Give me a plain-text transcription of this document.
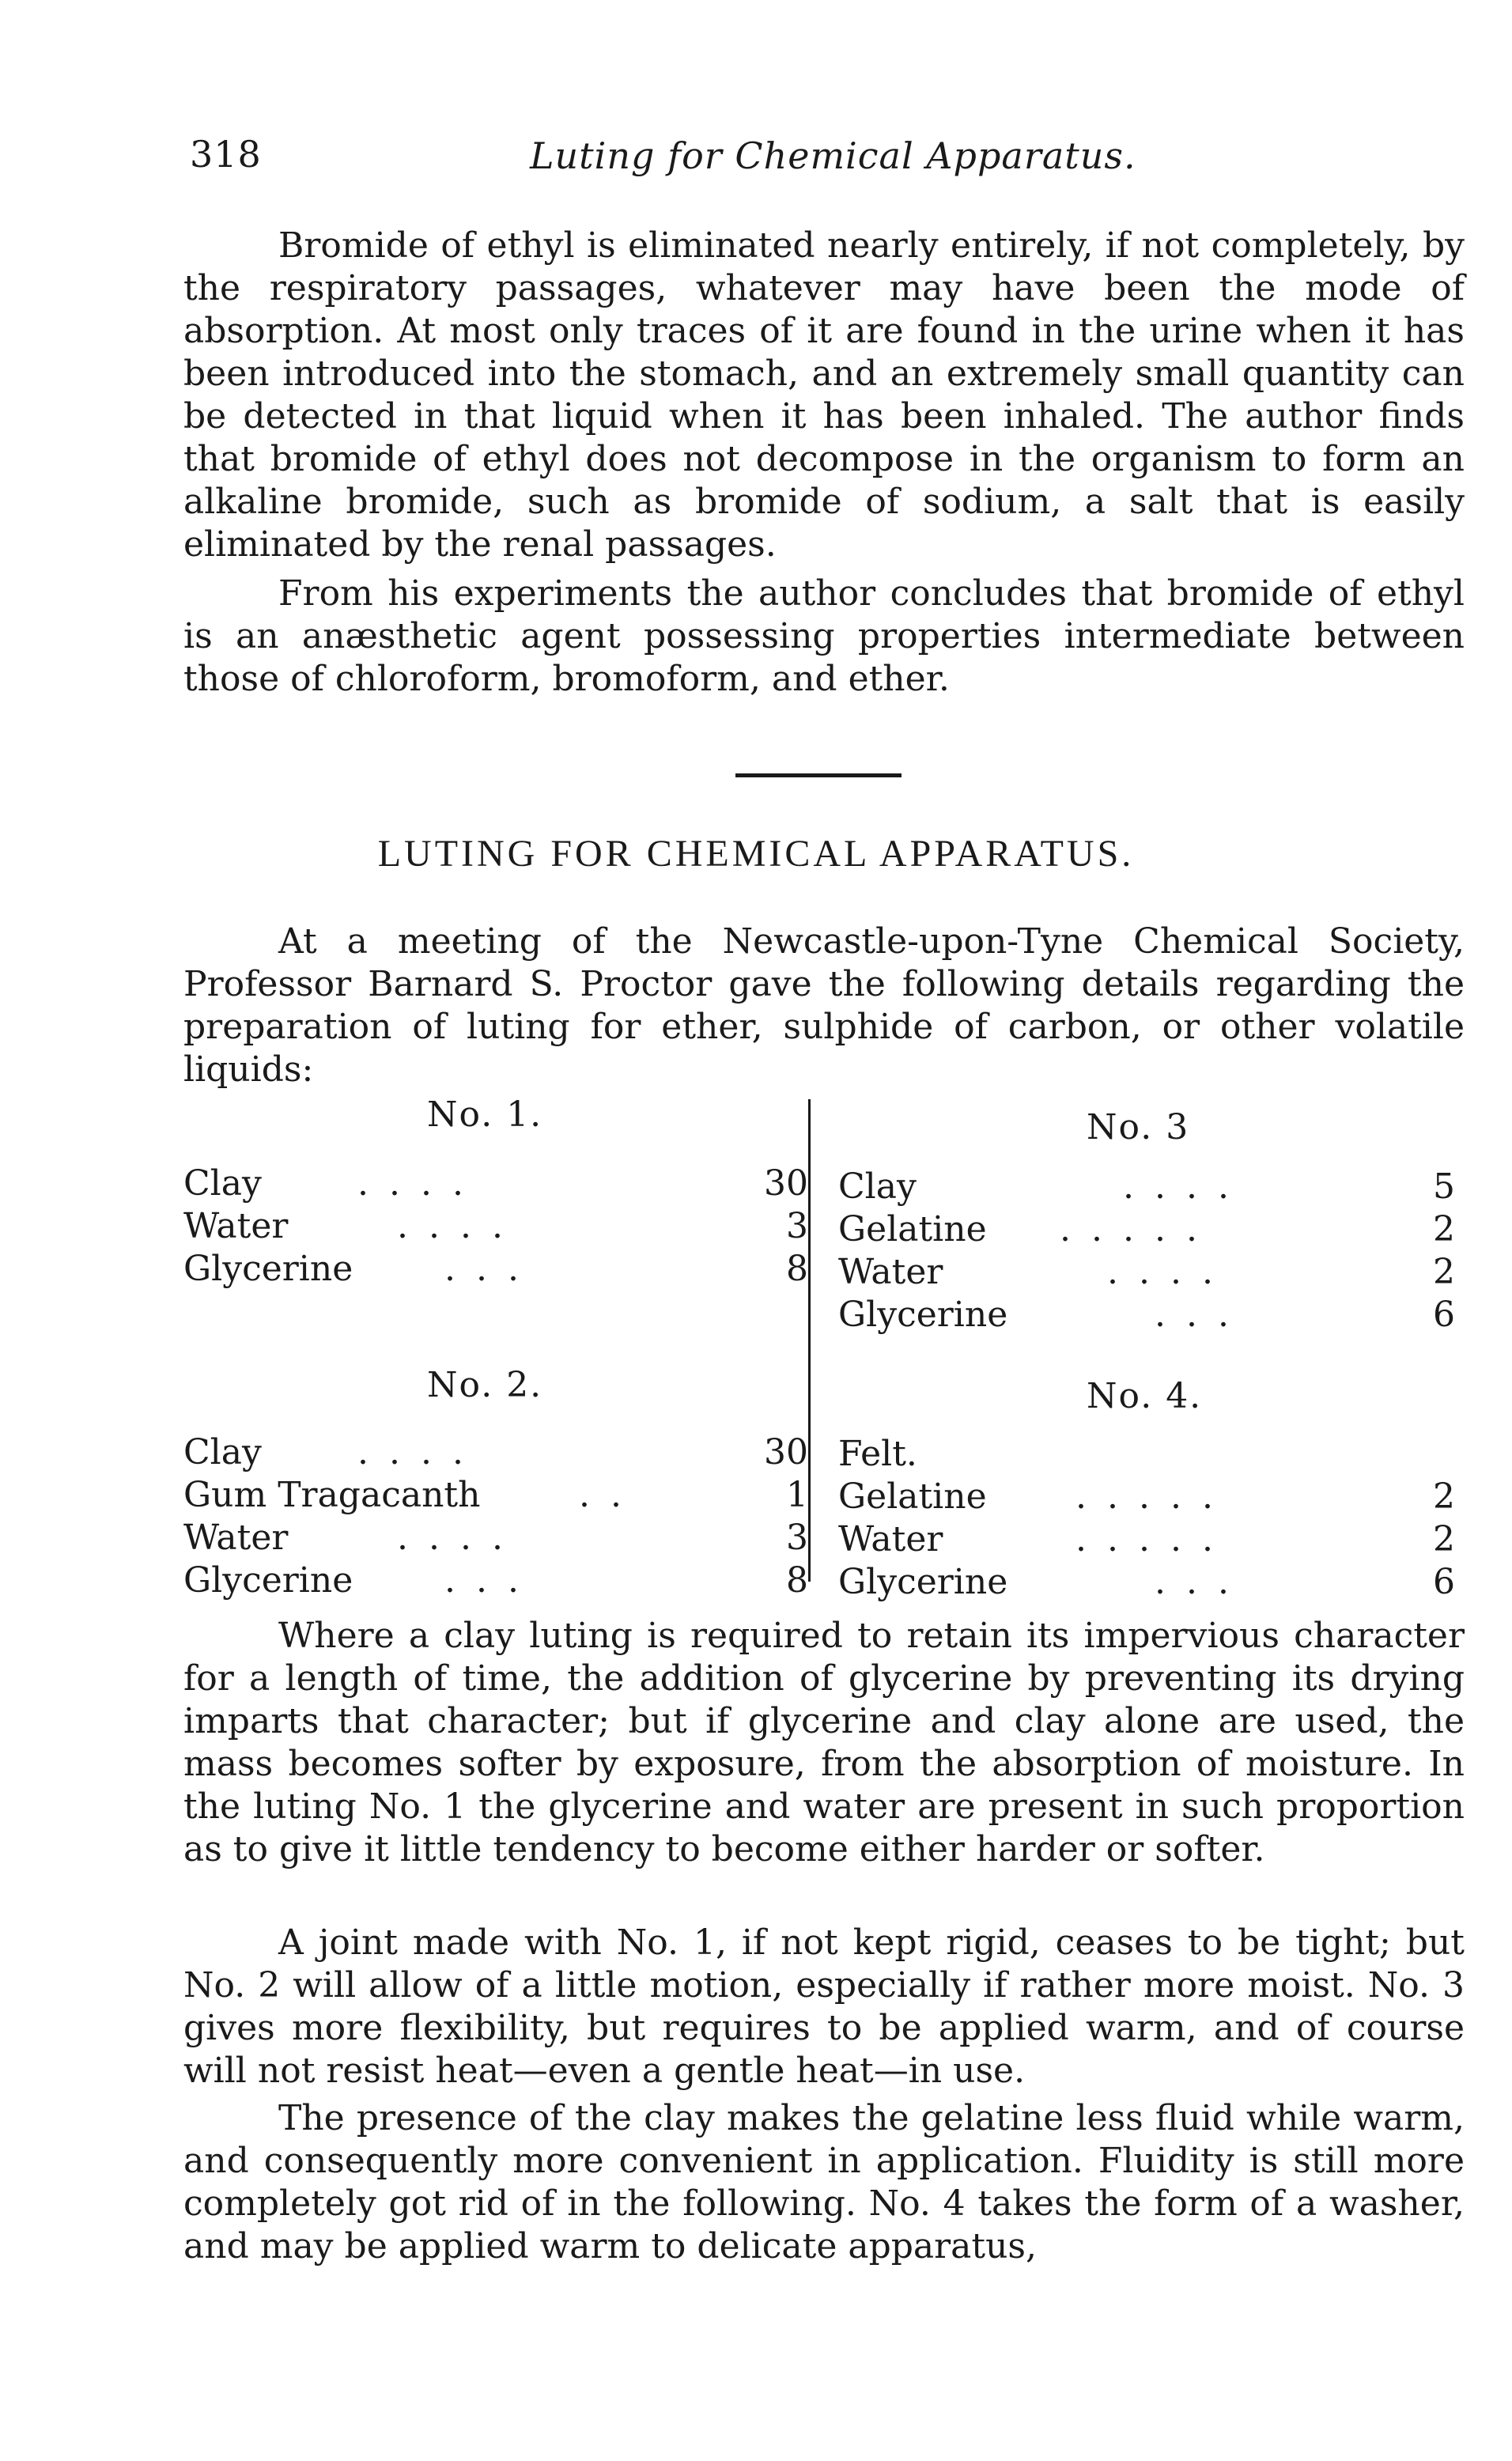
318	Luting for Chemical Apparatus.

Bromide of ethyl is eliminated nearly entirely, if not completely, by the respiratory passages, whatever may have been the mode of absorption. At most only traces of it are found in the urine when it has been introduced into the stomach, and an extremely small quantity can be detected in that liquid when it has been inhaled. The author finds that bromide of ethyl does not decompose in the organism to form an alkaline bromide, such as bromide of sodium, a salt that is easily eliminated by the renal passages.

From his experiments the author concludes that bromide of ethyl is an anæsthetic agent possessing properties intermediate between those of chloroform, bromoform, and ether.

LUTING FOR CHEMICAL APPARATUS.

At a meeting of the Newcastle-upon-Tyne Chemical Society, Professor Barnard S. Proctor gave the following details regarding the preparation of luting for ether, sulphide of carbon, or other volatile liquids:

No. 1.
Clay	....	30
Water	....	3
Glycerine	...	8
No. 2.
Clay	....	30
Gum Tragacanth	..	1
Water	....	3
Glycerine	...	8
No. 3
Clay	....	5
Gelatine .....	2
Water	....	2
Glycerine	...	6
No. 4.
Felt.
Gelatine	.....	2
Water	.....	2
Glycerine	...	6

Where a clay luting is required to retain its impervious character for a length of time, the addition of glycerine by preventing its drying imparts that character; but if glycerine and clay alone are used, the mass becomes softer by exposure, from the absorption of moisture. In the luting No. 1 the glycerine and water are present in such proportion as to give it little tendency to become either harder or softer.

A joint made with No. 1, if not kept rigid, ceases to be tight; but No. 2 will allow of a little motion, especially if rather more moist. No. 3 gives more flexibility, but requires to be applied warm, and of course will not resist heat—even a gentle heat—in use.

The presence of the clay makes the gelatine less fluid while warm, and consequently more convenient in application. Fluidity is still more completely got rid of in the following. No. 4 takes the form of a washer, and may be applied warm to delicate apparatus,
